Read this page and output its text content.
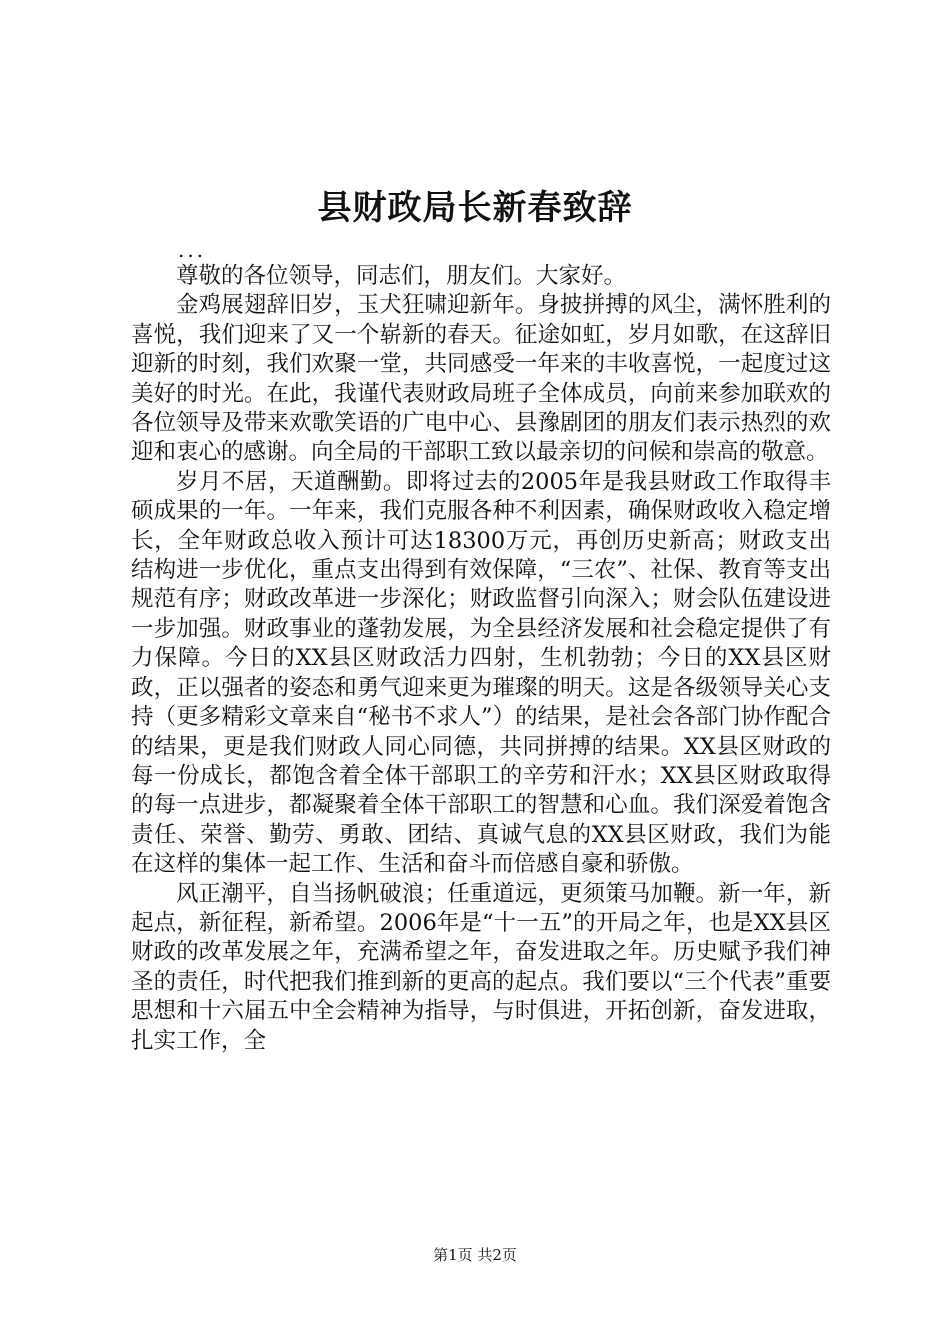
县财政局长新春致辞
...

尊敬的各位领导，同志们，朋友们。大家好。

金鸡展翅辞旧岁，玉犬狂啸迎新年。身披拼搏的风尘，满怀胜利的喜悦，我们迎来了又一个崭新的春天。征途如虹，岁月如歌，在这辞旧迎新的时刻，我们欢聚一堂，共同感受一年来的丰收喜悦，一起度过这美好的时光。在此，我谨代表财政局班子全体成员，向前来参加联欢的各位领导及带来欢歌笑语的广电中心、县豫剧团的朋友们表示热烈的欢迎和衷心的感谢。向全局的干部职工致以最亲切的问候和崇高的敬意。

岁月不居，天道酬勤。即将过去的2005年是我县财政工作取得丰硕成果的一年。一年来，我们克服各种不利因素，确保财政收入稳定增长，全年财政总收入预计可达18300万元，再创历史新高；财政支出结构进一步优化，重点支出得到有效保障，“三农”、社保、教育等支出规范有序；财政改革进一步深化；财政监督引向深入；财会队伍建设进一步加强。财政事业的蓬勃发展，为全县经济发展和社会稳定提供了有力保障。今日的XX县区财政活力四射，生机勃勃；今日的XX县区财政，正以强者的姿态和勇气迎来更为璀璨的明天。这是各级领导关心支持（更多精彩文章来自“秘书不求人”）的结果，是社会各部门协作配合的结果，更是我们财政人同心同德，共同拼搏的结果。XX县区财政的每一份成长，都饱含着全体干部职工的辛劳和汗水；XX县区财政取得的每一点进步，都凝聚着全体干部职工的智慧和心血。我们深爱着饱含责任、荣誉、勤劳、勇敢、团结、真诚气息的XX县区财政，我们为能在这样的集体一起工作、生活和奋斗而倍感自豪和骄傲。

风正潮平，自当扬帆破浪；任重道远，更须策马加鞭。新一年，新起点，新征程，新希望。2006年是“十一五”的开局之年，也是XX县区财政的改革发展之年，充满希望之年，奋发进取之年。历史赋予我们神圣的责任，时代把我们推到新的更高的起点。我们要以“三个代表”重要思想和十六届五中全会精神为指导，与时俱进，开拓创新，奋发进取，扎实工作，全

第1页 共2页
